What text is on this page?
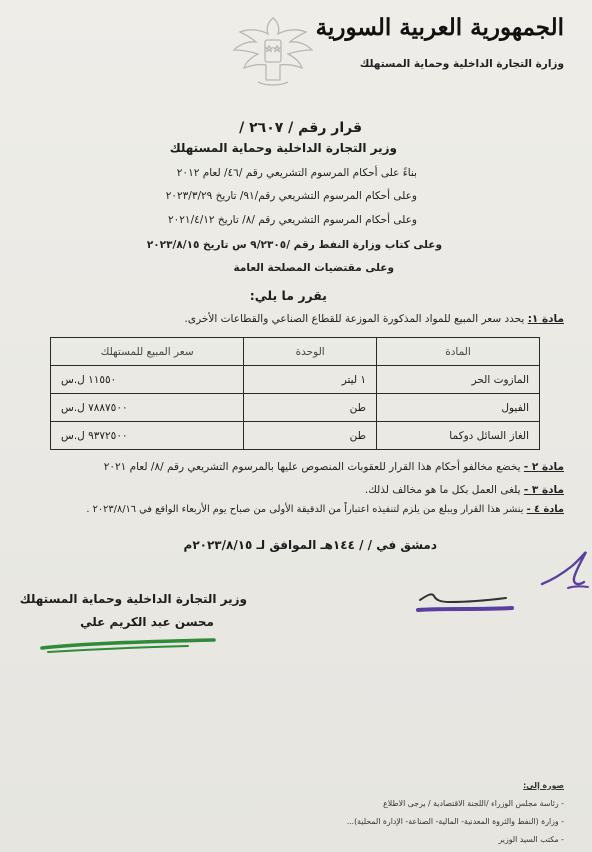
الجمهورية العربية السورية
وزارة التجارة الداخلية وحماية المستهلك
قرار رقم / ٢٦٠٧ /
وزير التجارة الداخلية وحماية المستهلك
بناءً على أحكام المرسوم التشريعي رقم /٤٦/ لعام ٢٠١٢
وعلى أحكام المرسوم التشريعي رقم/٩١/ تاريخ ٢٠٢٣/٣/٢٩
وعلى أحكام المرسوم التشريعي رقم /٨/ تاريخ ٢٠٢١/٤/١٢
وعلى كتاب وزارة النفط رقم /٩/٢٣٠٥ س تاريخ ٢٠٢٣/٨/١٥
وعلى مقتضيات المصلحة العامة
يقرر ما يلي:
مادة ١: يحدد سعر المبيع للمواد المذكورة الموزعة للقطاع الصناعي والقطاعات الأخرى.
المادة	الوحدة	سعر المبيع للمستهلك
المازوت الحر	١ ليتر	١١٥٥٠ ل.س
الفيول	طن	٧٨٨٧٥٠٠ ل.س
الغاز السائل دوكما	طن	٩٣٧٢٥٠٠ ل.س
مادة ٢ - يخضع مخالفو أحكام هذا القرار للعقوبات المنصوص عليها بالمرسوم التشريعي رقم /٨/ لعام ٢٠٢١
مادة ٣ - يلغى العمل بكل ما هو مخالف لذلك.
مادة ٤ - ينشر هذا القرار ويبلغ من يلزم لتنفيذه اعتباراً من الدقيقة الأولى من صباح يوم الأربعاء الواقع في ٢٠٢٣/٨/١٦ .
دمشق في / / ١٤٤هـ الموافق لـ ٢٠٢٣/٨/١٥م
وزير التجارة الداخلية وحماية المستهلك
محسن عبد الكريم علي
صورة إلى:
- رئاسة مجلس الوزراء /اللجنة الاقتصادية / يرجى الاطلاع
- وزارة (النفط والثروة المعدنية- المالية- الصناعة- الإدارة المحلية)...
- مكتب السيد الوزير
